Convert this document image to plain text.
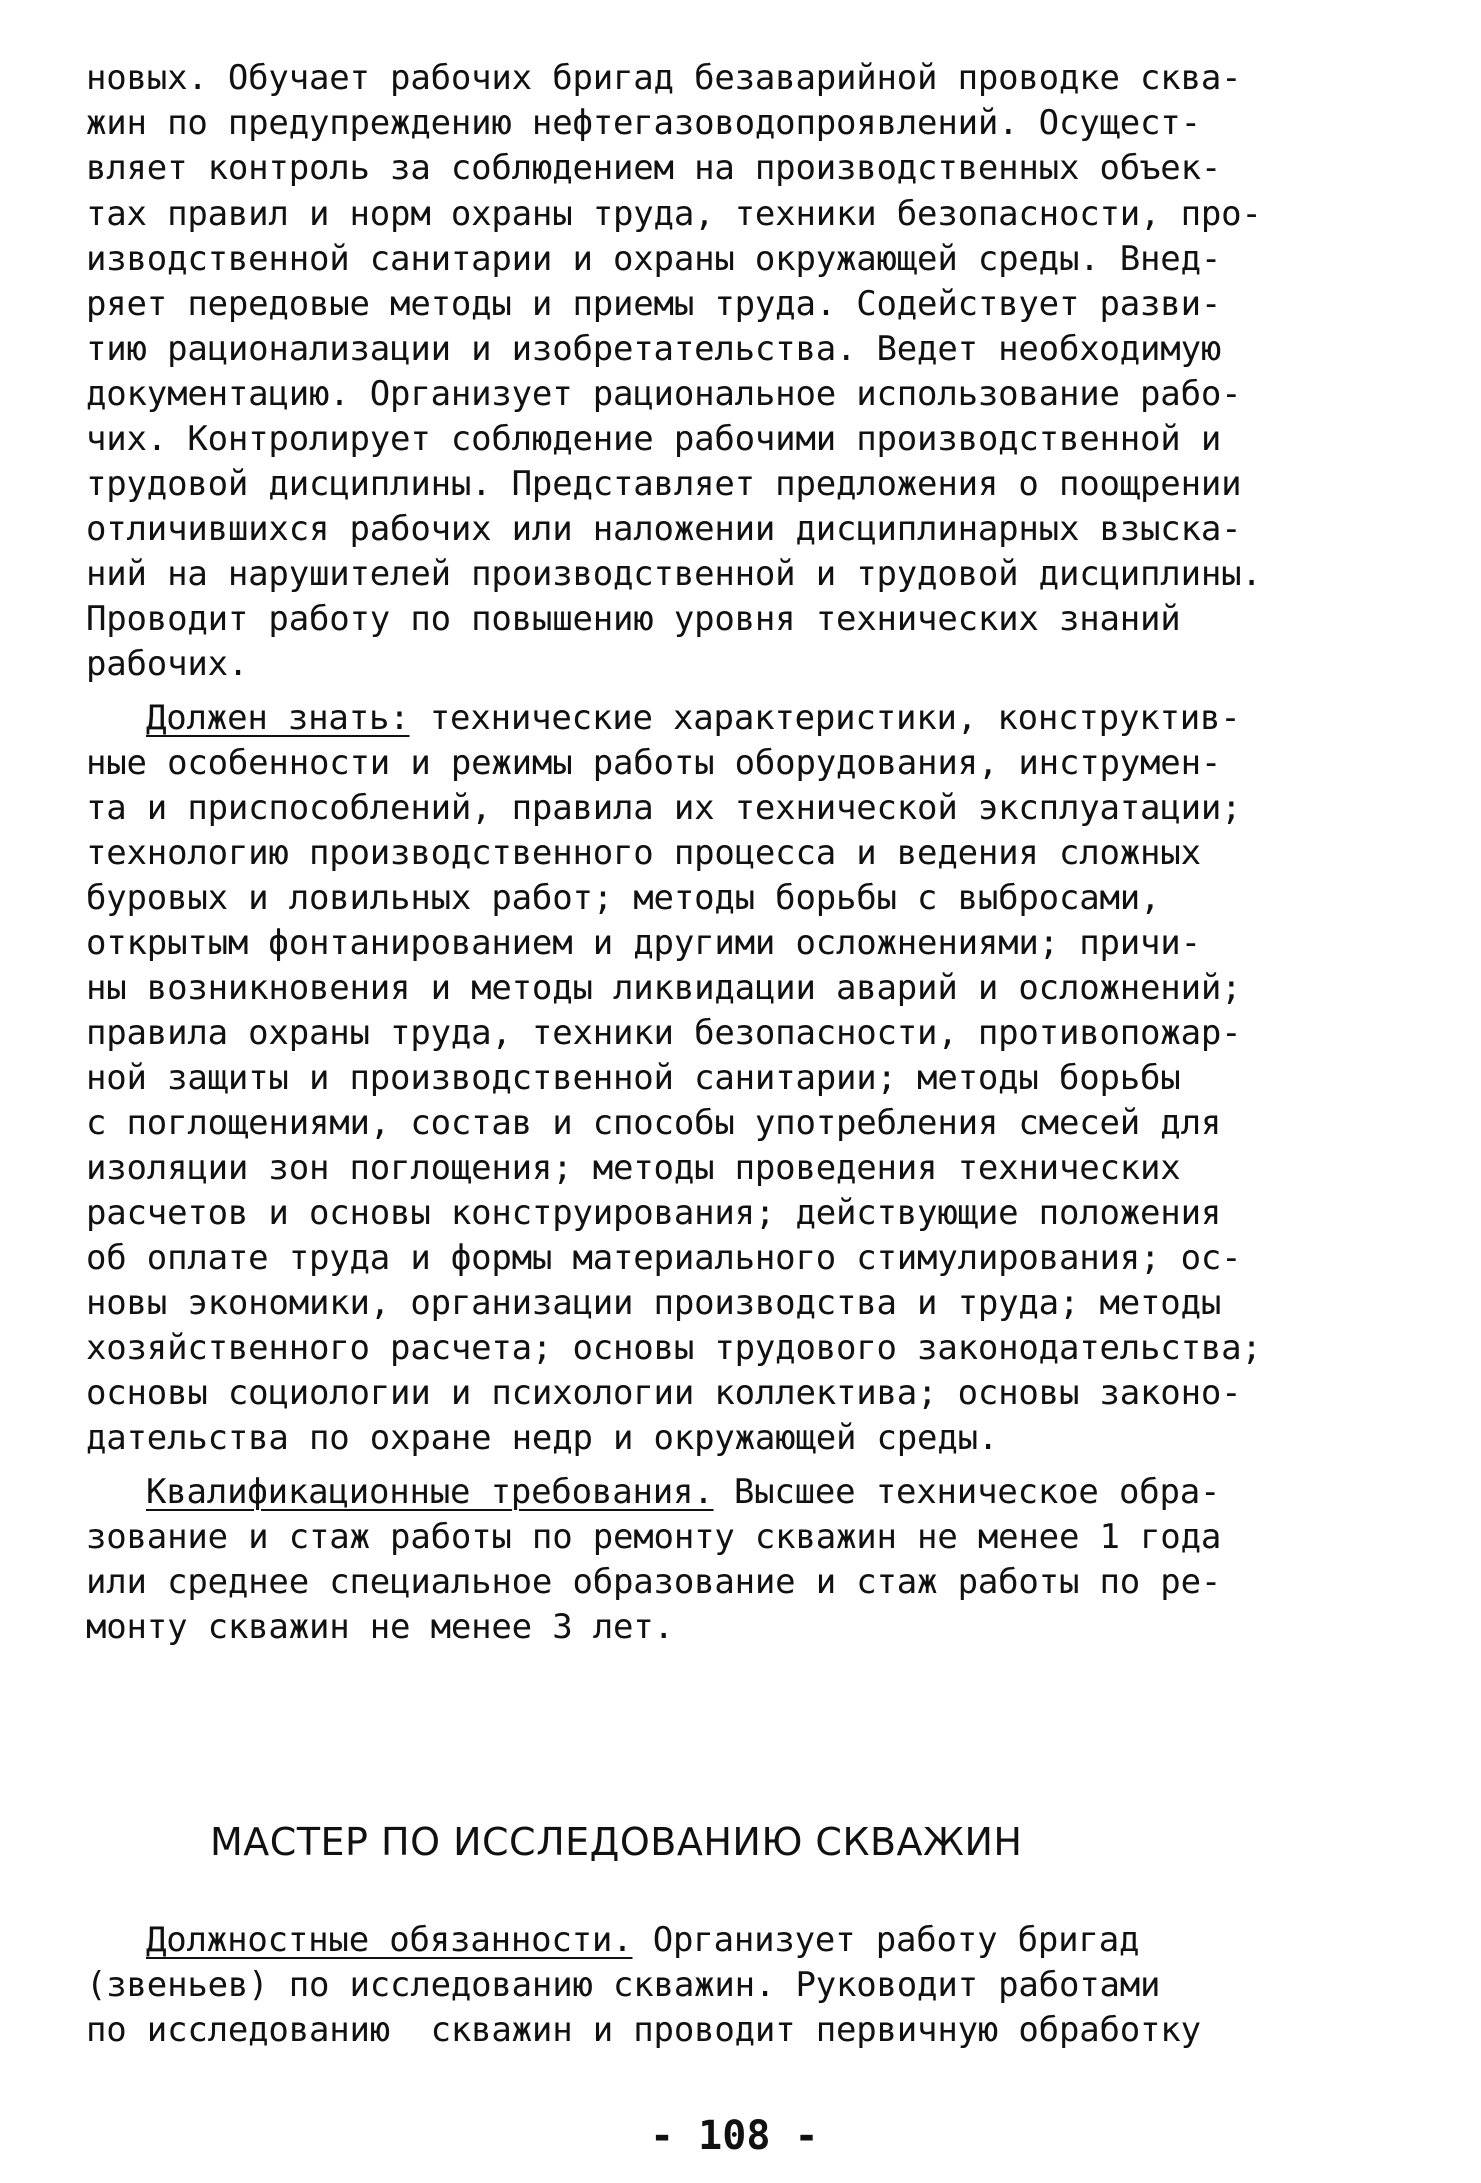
новых. Обучает рабочих бригад безаварийной проводке сква-
жин по предупреждению нефтегазоводопроявлений. Осущест-
вляет контроль за соблюдением на производственных объек-
тах правил и норм охраны труда, техники безопасности, про-
изводственной санитарии и охраны окружающей среды. Внед-
ряет передовые методы и приемы труда. Содействует разви-
тию рационализации и изобретательства. Ведет необходимую
документацию. Организует рациональное использование рабо-
чих. Контролирует соблюдение рабочими производственной и
трудовой дисциплины. Представляет предложения о поощрении
отличившихся рабочих или наложении дисциплинарных взыска-
ний на нарушителей производственной и трудовой дисциплины.
Проводит работу по повышению уровня технических знаний
рабочих.
Должен знать: технические характеристики, конструктив-
ные особенности и режимы работы оборудования, инструмен-
та и приспособлений, правила их технической эксплуатации;
технологию производственного процесса и ведения сложных
буровых и ловильных работ; методы борьбы с выбросами,
открытым фонтанированием и другими осложнениями; причи-
ны возникновения и методы ликвидации аварий и осложнений;
правила охраны труда, техники безопасности, противопожар-
ной защиты и производственной санитарии; методы борьбы
с поглощениями, состав и способы употребления смесей для
изоляции зон поглощения; методы проведения технических
расчетов и основы конструирования; действующие положения
об оплате труда и формы материального стимулирования; ос-
новы экономики, организации производства и труда; методы
хозяйственного расчета; основы трудового законодательства;
основы социологии и психологии коллектива; основы законо-
дательства по охране недр и окружающей среды.
Квалификационные требования. Высшее техническое обра-
зование и стаж работы по ремонту скважин не менее 1 года
или среднее специальное образование и стаж работы по ре-
монту скважин не менее 3 лет.
МАСТЕР ПО ИССЛЕДОВАНИЮ СКВАЖИН
Должностные обязанности. Организует работу бригад
(звеньев) по исследованию скважин. Руководит работами
по исследованию  скважин и проводит первичную обработку
- 108 -
